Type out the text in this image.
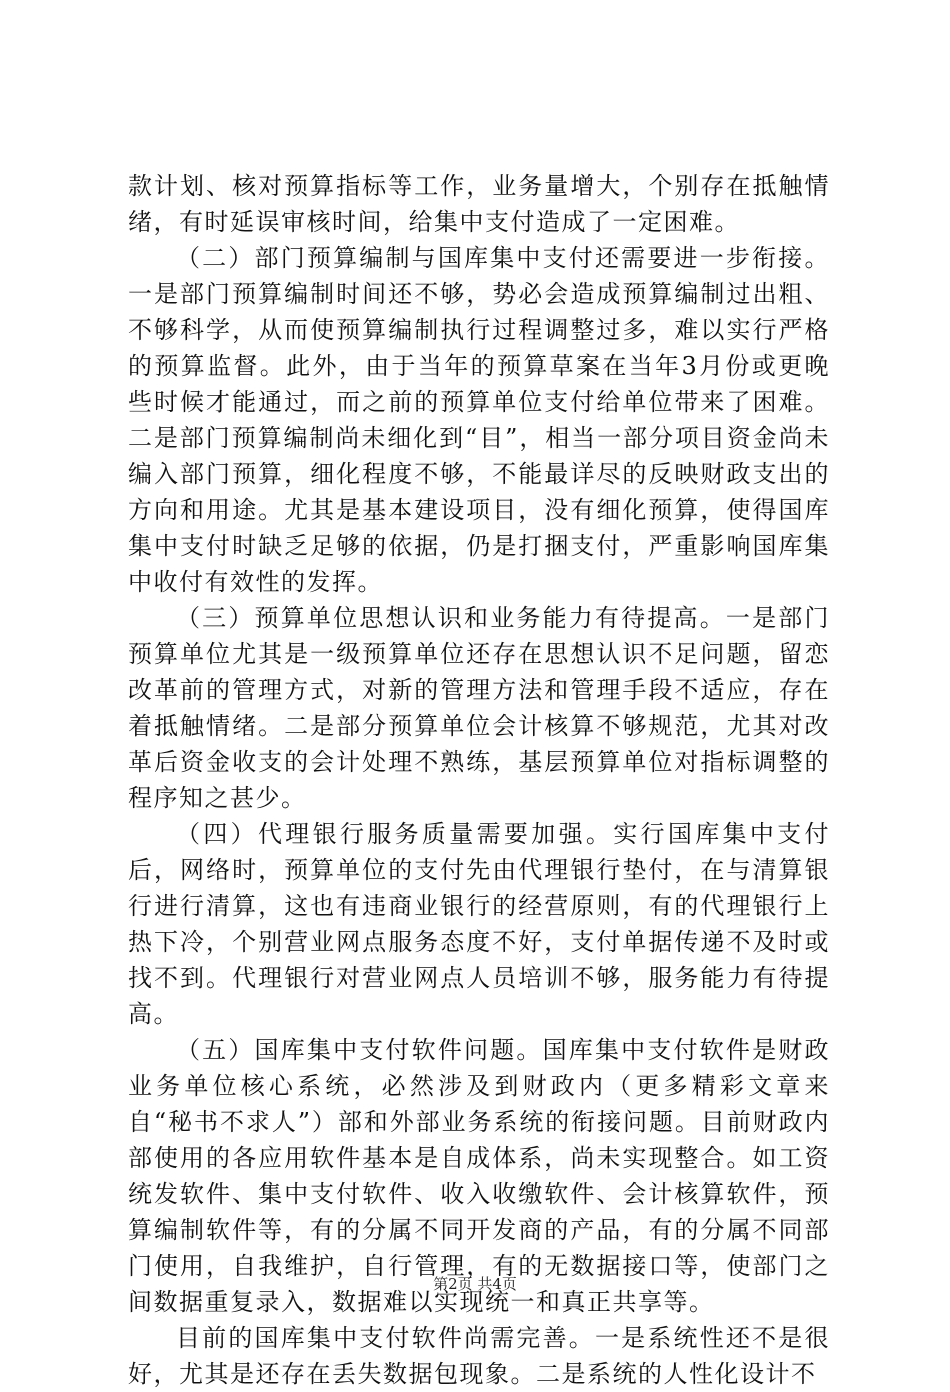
款计划、核对预算指标等工作，业务量增大，个别存在抵触情绪，有时延误审核时间，给集中支付造成了一定困难。

（二）部门预算编制与国库集中支付还需要进一步衔接。一是部门预算编制时间还不够，势必会造成预算编制过出粗、不够科学，从而使预算编制执行过程调整过多，难以实行严格的预算监督。此外，由于当年的预算草案在当年3月份或更晚些时候才能通过，而之前的预算单位支付给单位带来了困难。二是部门预算编制尚未细化到“目”，相当一部分项目资金尚未编入部门预算，细化程度不够，不能最详尽的反映财政支出的方向和用途。尤其是基本建设项目，没有细化预算，使得国库集中支付时缺乏足够的依据，仍是打捆支付，严重影响国库集中收付有效性的发挥。

（三）预算单位思想认识和业务能力有待提高。一是部门预算单位尤其是一级预算单位还存在思想认识不足问题，留恋改革前的管理方式，对新的管理方法和管理手段不适应，存在着抵触情绪。二是部分预算单位会计核算不够规范，尤其对改革后资金收支的会计处理不熟练，基层预算单位对指标调整的程序知之甚少。

（四）代理银行服务质量需要加强。实行国库集中支付后，网络时，预算单位的支付先由代理银行垫付，在与清算银行进行清算，这也有违商业银行的经营原则，有的代理银行上热下冷，个别营业网点服务态度不好，支付单据传递不及时或找不到。代理银行对营业网点人员培训不够，服务能力有待提高。

（五）国库集中支付软件问题。国库集中支付软件是财政业务单位核心系统，必然涉及到财政内（更多精彩文章来自“秘书不求人”）部和外部业务系统的衔接问题。目前财政内部使用的各应用软件基本是自成体系，尚未实现整合。如工资统发软件、集中支付软件、收入收缴软件、会计核算软件，预算编制软件等，有的分属不同开发商的产品，有的分属不同部门使用，自我维护，自行管理，有的无数据接口等，使部门之间数据重复录入，数据难以实现统一和真正共享等。

目前的国库集中支付软件尚需完善。一是系统性还不是很好，尤其是还存在丢失数据包现象。二是系统的人性化设计不

第2页 共4页
